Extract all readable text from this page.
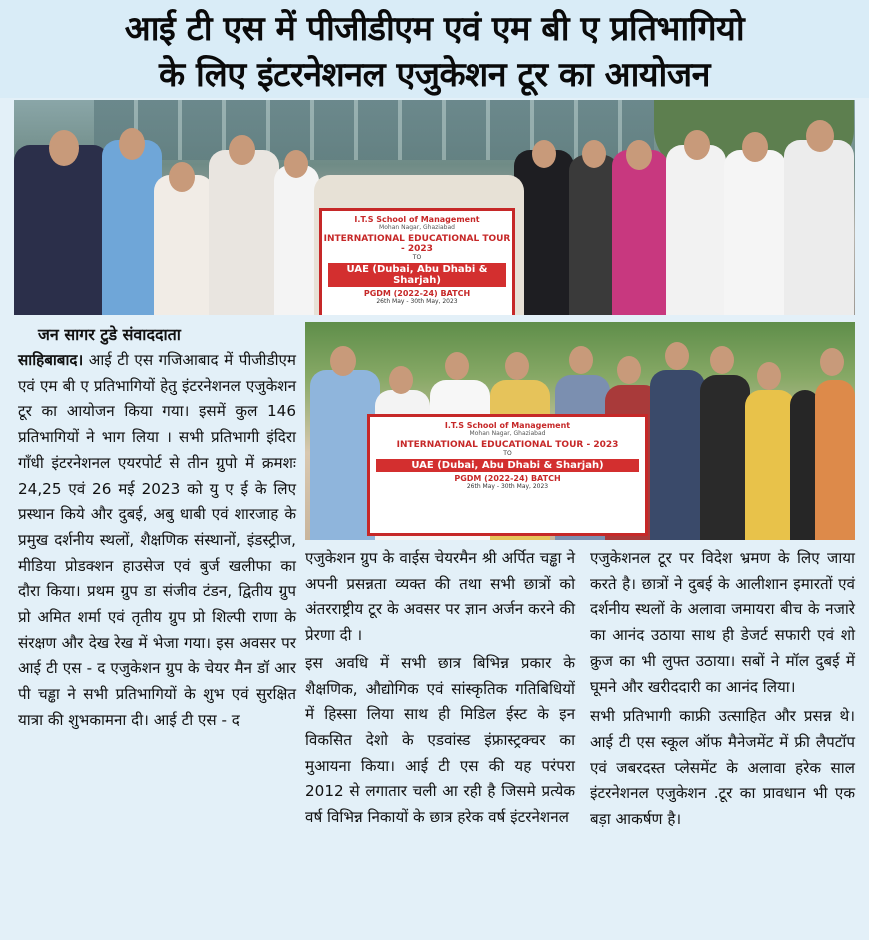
आई टी एस में पीजीडीएम एवं एम बी ए प्रतिभागियो
के लिए इंटरनेशनल एजुकेशन टूर का आयोजन
I.T.S School of Management
Mohan Nagar, Ghaziabad
INTERNATIONAL EDUCATIONAL TOUR - 2023
TO
UAE (Dubai, Abu Dhabi & Sharjah)
PGDM (2022-24) BATCH
26th May - 30th May, 2023
I.T.S School of Management
Mohan Nagar, Ghaziabad
INTERNATIONAL EDUCATIONAL TOUR - 2023
TO
UAE (Dubai, Abu Dhabi & Sharjah)
PGDM (2022-24) BATCH
26th May - 30th May, 2023

जन सागर टुडे संवाददाता

साहिबाबाद। आई टी एस गजिआबाद में पीजीडीएम एवं एम बी ए प्रतिभागियों हेतु इंटरनेशनल एजुकेशन टूर का आयोजन किया गया। इसमें कुल 146 प्रतिभागियों ने भाग लिया । सभी प्रतिभागी इंदिरा गाँधी इंटरनेशनल एयरपोर्ट से तीन ग्रुपो में क्रमशः 24,25 एवं 26 मई 2023 को यु ए ई के लिए प्रस्थान किये और दुबई, अबु धाबी एवं शारजाह के प्रमुख दर्शनीय स्थलों, शैक्षणिक संस्थानों, इंडस्ट्रीज, मीडिया प्रोडक्शन हाउसेज एवं बुर्ज खलीफा का दौरा किया। प्रथम ग्रुप डा संजीव टंडन, द्वितीय ग्रुप प्रो अमित शर्मा एवं तृतीय ग्रुप प्रो शिल्पी राणा के संरक्षण और देख रेख में भेजा गया। इस अवसर पर आई टी एस - द एजुकेशन ग्रुप के चेयर मैन डॉ आर पी चड्ढा ने सभी प्रतिभागियों के शुभ एवं सुरक्षित यात्रा की शुभकामना दी। आई टी एस - द

एजुकेशन ग्रुप के वाईस चेयरमैन श्री अर्पित चड्ढा ने अपनी प्रसन्नता व्यक्त की तथा सभी छात्रों को अंतरराष्ट्रीय टूर के अवसर पर ज्ञान अर्जन करने की प्रेरणा दी ।

इस अवधि में सभी छात्र बिभिन्न प्रकार के शैक्षणिक, औद्योगिक एवं सांस्कृतिक गतिबिधियों में हिस्सा लिया साथ ही मिडिल ईस्ट के इन विकसित देशो के एडवांस्ड इंफ्रास्ट्रक्चर का मुआयना किया। आई टी एस की यह परंपरा 2012 से लगातार चली आ रही है जिसमे प्रत्येक वर्ष विभिन्न निकायों के छात्र हरेक वर्ष इंटरनेशनल

एजुकेशनल टूर पर विदेश भ्रमण के लिए जाया करते है। छात्रों ने दुबई के आलीशान इमारतों एवं दर्शनीय स्थलों के अलावा जमायरा बीच के नजारे का आनंद उठाया साथ ही डेजर्ट सफारी एवं शो क्रुज का भी लुफ्त उठाया। सबों ने मॉल दुबई में घूमने और खरीददारी का आनंद लिया।

सभी प्रतिभागी काफ्री उत्साहित और प्रसन्न थे। आई टी एस स्कूल ऑफ मैनेजमेंट में फ्री लैपटॉप एवं जबरदस्त प्लेसमेंट के अलावा हरेक साल इंटरनेशनल एजुकेशन .टूर का प्रावधान भी एक बड़ा आकर्षण है।
